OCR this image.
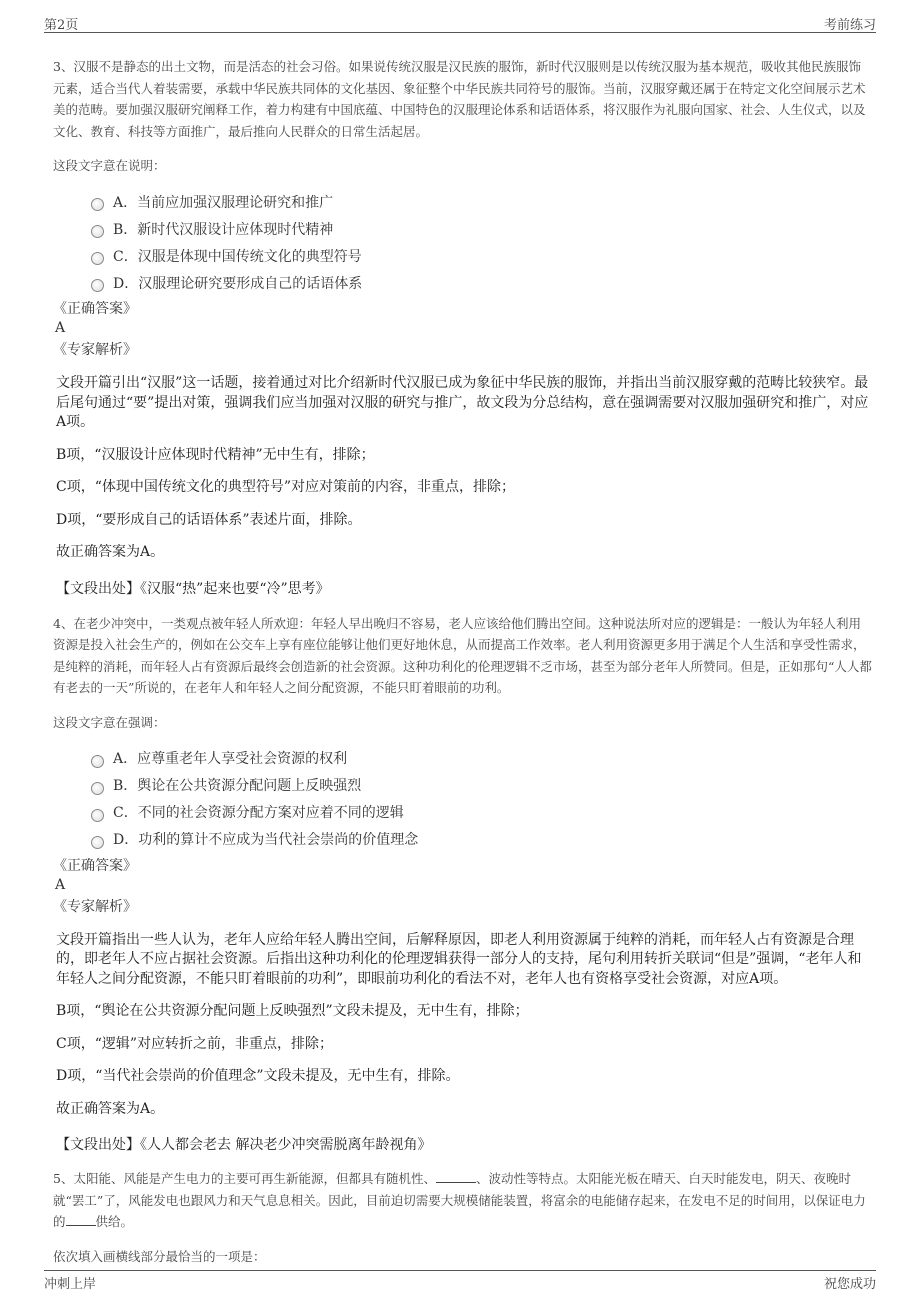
第2页	考前练习

3、汉服不是静态的出土文物，而是活态的社会习俗。如果说传统汉服是汉民族的服饰，新时代汉服则是以传统汉服为基本规范，吸收其他民族服饰元素，适合当代人着装需要，承载中华民族共同体的文化基因、象征整个中华民族共同符号的服饰。当前，汉服穿戴还属于在特定文化空间展示艺术美的范畴。要加强汉服研究阐释工作，着力构建有中国底蕴、中国特色的汉服理论体系和话语体系，将汉服作为礼服向国家、社会、人生仪式，以及文化、教育、科技等方面推广，最后推向人民群众的日常生活起居。

这段文字意在说明：

A．当前应加强汉服理论研究和推广
B．新时代汉服设计应体现时代精神
C．汉服是体现中国传统文化的典型符号
D．汉服理论研究要形成自己的话语体系

《正确答案》

A

《专家解析》

文段开篇引出“汉服”这一话题，接着通过对比介绍新时代汉服已成为象征中华民族的服饰，并指出当前汉服穿戴的范畴比较狭窄。最后尾句通过“要”提出对策，强调我们应当加强对汉服的研究与推广，故文段为分总结构，意在强调需要对汉服加强研究和推广，对应A项。

B项，“汉服设计应体现时代精神”无中生有，排除；

C项，“体现中国传统文化的典型符号”对应对策前的内容，非重点，排除；

D项，“要形成自己的话语体系”表述片面，排除。

故正确答案为A。

【文段出处】《汉服“热”起来也要“冷”思考》

4、在老少冲突中，一类观点被年轻人所欢迎：年轻人早出晚归不容易，老人应该给他们腾出空间。这种说法所对应的逻辑是：一般认为年轻人利用资源是投入社会生产的，例如在公交车上享有座位能够让他们更好地休息，从而提高工作效率。老人利用资源更多用于满足个人生活和享受性需求，是纯粹的消耗，而年轻人占有资源后最终会创造新的社会资源。这种功利化的伦理逻辑不乏市场，甚至为部分老年人所赞同。但是，正如那句“人人都有老去的一天”所说的，在老年人和年轻人之间分配资源，不能只盯着眼前的功利。

这段文字意在强调：

A．应尊重老年人享受社会资源的权利
B．舆论在公共资源分配问题上反映强烈
C．不同的社会资源分配方案对应着不同的逻辑
D．功利的算计不应成为当代社会崇尚的价值理念

《正确答案》

A

《专家解析》

文段开篇指出一些人认为，老年人应给年轻人腾出空间，后解释原因，即老人利用资源属于纯粹的消耗，而年轻人占有资源是合理的，即老年人不应占据社会资源。后指出这种功利化的伦理逻辑获得一部分人的支持，尾句利用转折关联词“但是”强调，“老年人和年轻人之间分配资源，不能只盯着眼前的功利”，即眼前功利化的看法不对，老年人也有资格享受社会资源，对应A项。

B项，“舆论在公共资源分配问题上反映强烈”文段未提及，无中生有，排除；

C项，“逻辑”对应转折之前，非重点，排除；

D项，“当代社会崇尚的价值理念”文段未提及，无中生有，排除。

故正确答案为A。

【文段出处】《人人都会老去 解决老少冲突需脱离年龄视角》

5、太阳能、风能是产生电力的主要可再生新能源，但都具有随机性、	、波动性等特点。太阳能光板在晴天、白天时能发电，阴天、夜晚时就“罢工”了，风能发电也跟风力和天气息息相关。因此，目前迫切需要大规模储能装置，将富余的电能储存起来，在发电不足的时间用，以保证电力的 供给。

依次填入画横线部分最恰当的一项是：

冲刺上岸	祝您成功
